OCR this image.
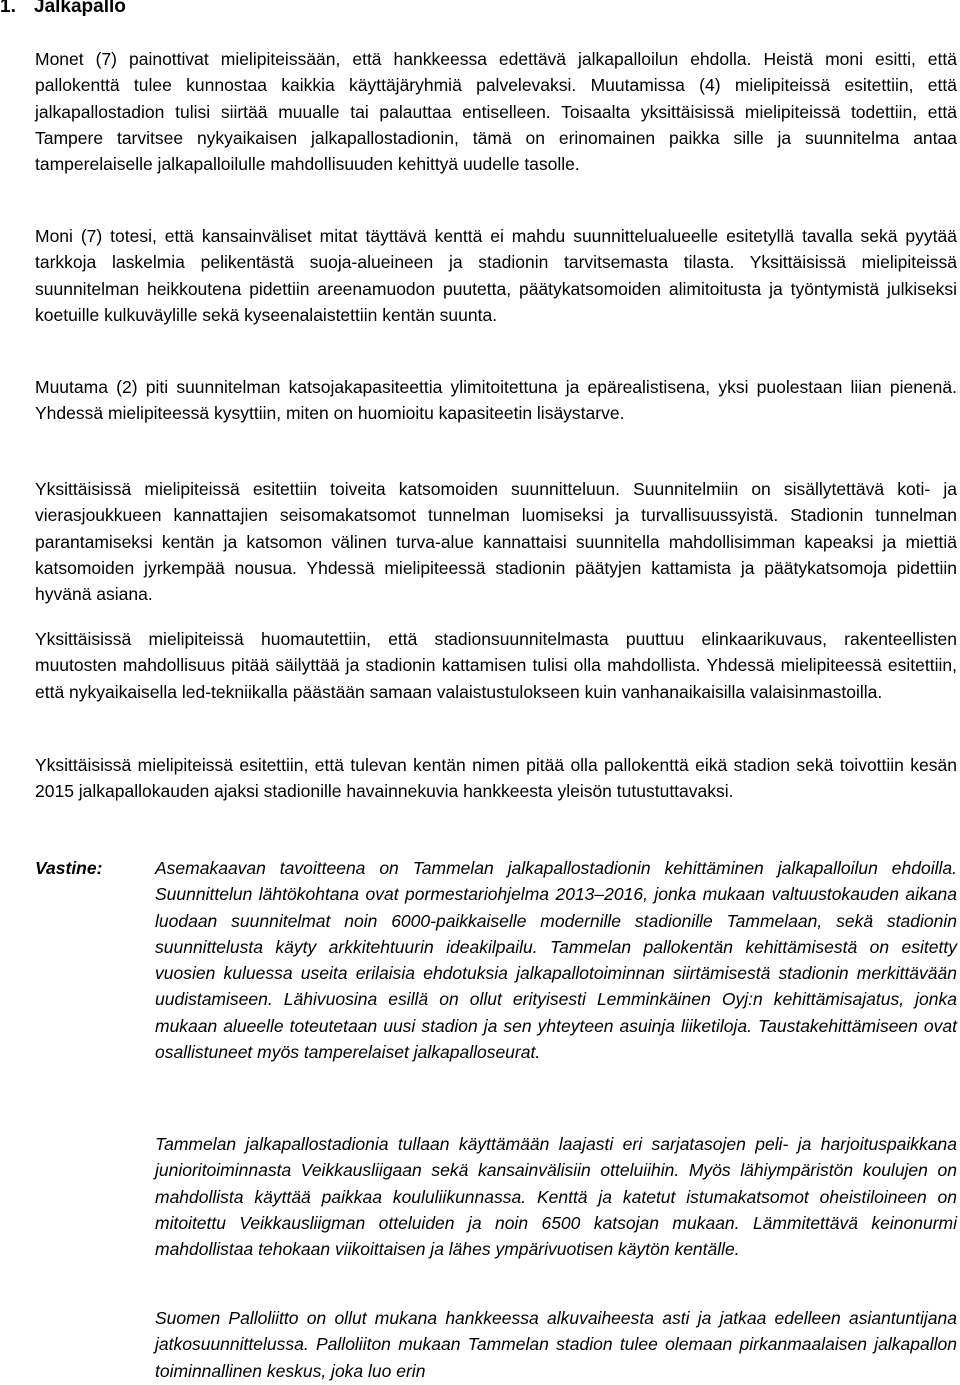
1. Jalkapallo

Monet (7) painottivat mielipiteissään, että hankkeessa edettävä jalkapalloilun ehdolla. Heistä moni esitti, että pallokenttä tulee kunnostaa kaikkia käyttäjäryhmiä palvelevaksi. Muutamissa (4) mielipiteissä esitettiin, että jalkapallostadion tulisi siirtää muualle tai palauttaa entiselleen. Toisaalta yksittäisissä mielipiteissä todettiin, että Tampere tarvitsee nykyaikaisen jalkapallostadionin, tämä on erinomainen paikka sille ja suunnitelma antaa tamperelaiselle jalkapalloilulle mahdollisuuden kehittyä uudelle tasolle.

Moni (7) totesi, että kansainväliset mitat täyttävä kenttä ei mahdu suunnittelualueelle esitetyllä tavalla sekä pyytää tarkkoja laskelmia pelikentästä suoja-alueineen ja stadionin tarvitsemasta tilasta. Yksittäisissä mielipiteissä suunnitelman heikkoutena pidettiin areenamuodon puutetta, päätykatsomoiden alimitoitusta ja työntymistä julkiseksi koetuille kulkuväylille sekä kyseenalaistettiin kentän suunta.

Muutama (2) piti suunnitelman katsojakapasiteettia ylimitoitettuna ja epärealistisena, yksi puolestaan liian pienenä. Yhdessä mielipiteessä kysyttiin, miten on huomioitu kapasiteetin lisäystarve.

Yksittäisissä mielipiteissä esitettiin toiveita katsomoiden suunnitteluun. Suunnitelmiin on sisällytettävä koti- ja vierasjoukkueen kannattajien seisomakatsomot tunnelman luomiseksi ja turvallisuussyistä. Stadionin tunnelman parantamiseksi kentän ja katsomon välinen turva-alue kannattaisi suunnitella mahdollisimman kapeaksi ja miettiä katsomoiden jyrkempää nousua. Yhdessä mielipiteessä stadionin päätyjen kattamista ja päätykatsomoja pidettiin hyvänä asiana.

Yksittäisissä mielipiteissä huomautettiin, että stadionsuunnitelmasta puuttuu elinkaarikuvaus, rakenteellisten muutosten mahdollisuus pitää säilyttää ja stadionin kattamisen tulisi olla mahdollista. Yhdessä mielipiteessä esitettiin, että nykyaikaisella led-tekniikalla päästään samaan valaistustulokseen kuin vanhanaikaisilla valaisinmastoilla.

Yksittäisissä mielipiteissä esitettiin, että tulevan kentän nimen pitää olla pallokenttä eikä stadion sekä toivottiin kesän 2015 jalkapallokauden ajaksi stadionille havainnekuvia hankkeesta yleisön tutustuttavaksi.

Vastine:	Asemakaavan tavoitteena on Tammelan jalkapallostadionin kehittäminen jalkapalloilun ehdoilla. Suunnittelun lähtökohtana ovat pormestariohjelma 2013–2016, jonka mukaan valtuustokauden aikana luodaan suunnitelmat noin 6000-paikkaiselle modernille stadionille Tammelaan, sekä stadionin suunnittelusta käyty arkkitehtuurin ideakilpailu. Tammelan pallokentän kehittämisestä on esitetty vuosien kuluessa useita erilaisia ehdotuksia jalkapallotoiminnan siirtämisestä stadionin merkittävään uudistamiseen. Lähivuosina esillä on ollut erityisesti Lemminkäinen Oyj:n kehittämisajatus, jonka mukaan alueelle toteutetaan uusi stadion ja sen yhteyteen asuinja liiketiloja. Taustakehittämiseen ovat osallistuneet myös tamperelaiset jalkapalloseurat.

Tammelan jalkapallostadionia tullaan käyttämään laajasti eri sarjatasojen peli- ja harjoituspaikkana junioritoiminnasta Veikkausliigaan sekä kansainvälisiin otteluiihin. Myös lähiympäristön koulujen on mahdollista käyttää paikkaa koululiikunnassa. Kenttä ja katetut istumakatsomot oheistiloineen on mitoitettu Veikkausliigman otteluiden ja noin 6500 katsojan mukaan. Lämmitettävä keinonurmi mahdollistaa tehokaan viikoittaisen ja lähes ympärivuotisen käytön kentälle.

Suomen Palloliitto on ollut mukana hankkeessa alkuvaiheesta asti ja jatkaa edelleen asiantuntijana jatkosuunnittelussa. Palloliiton mukaan Tammelan stadion tulee olemaan pirkanmaalaisen jalkapallon toiminnallinen keskus, joka luo erin
